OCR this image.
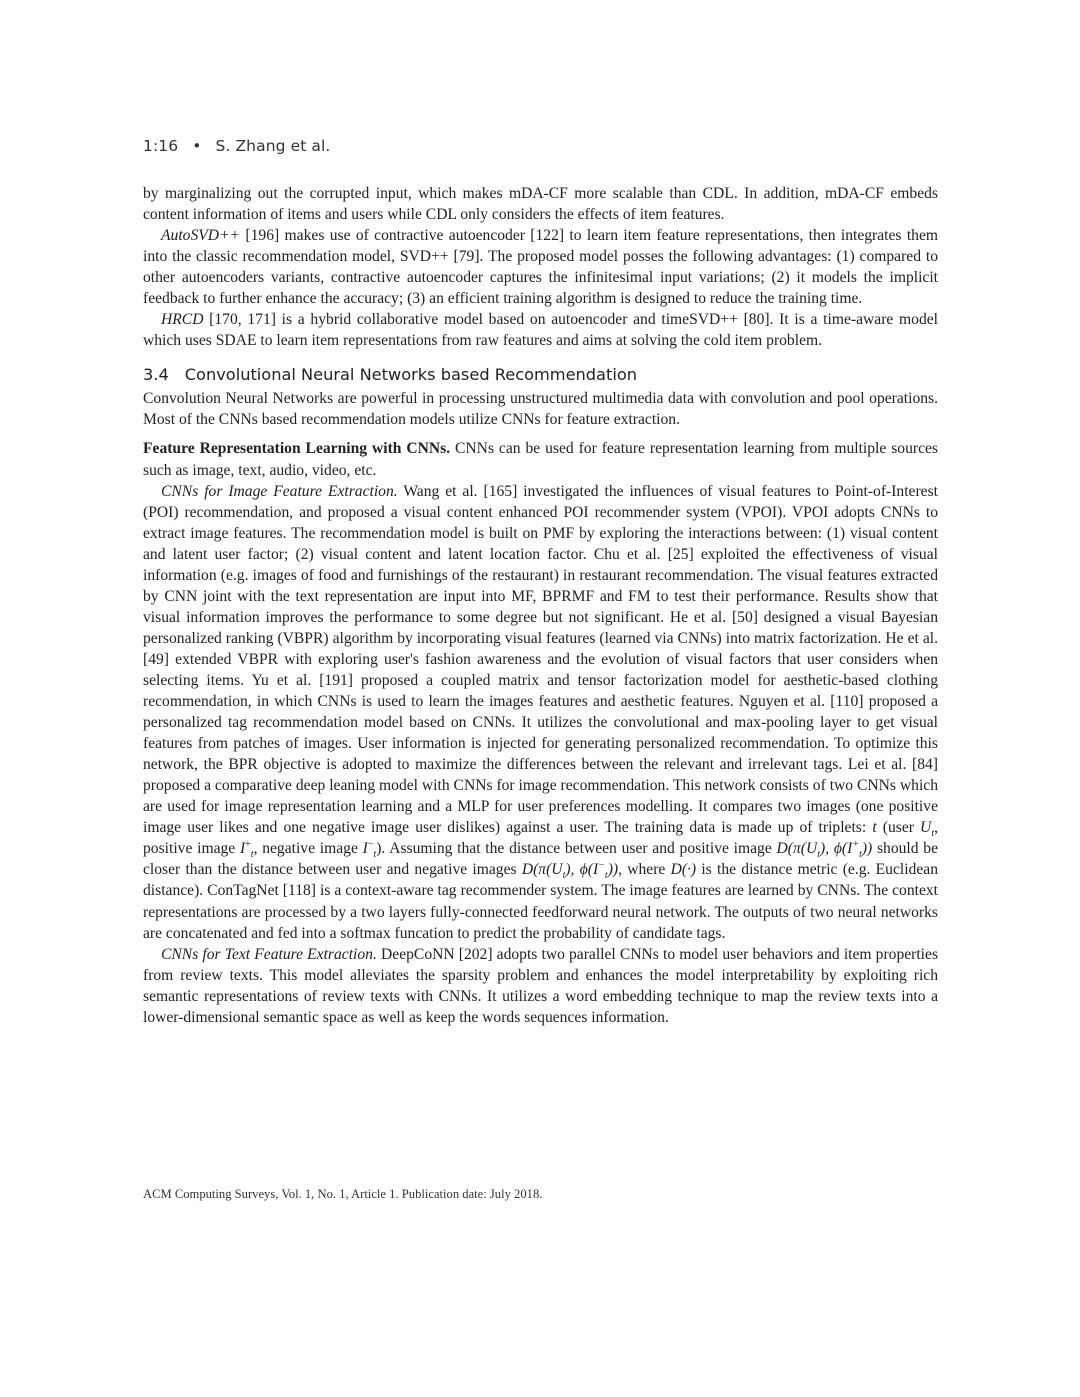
1:16 • S. Zhang et al.

by marginalizing out the corrupted input, which makes mDA-CF more scalable than CDL. In addition, mDA-CF embeds content information of items and users while CDL only considers the effects of item features.

AutoSVD++ [196] makes use of contractive autoencoder [122] to learn item feature representations, then integrates them into the classic recommendation model, SVD++ [79]. The proposed model posses the following advantages: (1) compared to other autoencoders variants, contractive autoencoder captures the infinitesimal input variations; (2) it models the implicit feedback to further enhance the accuracy; (3) an efficient training algorithm is designed to reduce the training time.

HRCD [170, 171] is a hybrid collaborative model based on autoencoder and timeSVD++ [80]. It is a time-aware model which uses SDAE to learn item representations from raw features and aims at solving the cold item problem.

3.4 Convolutional Neural Networks based Recommendation

Convolution Neural Networks are powerful in processing unstructured multimedia data with convolution and pool operations. Most of the CNNs based recommendation models utilize CNNs for feature extraction.

Feature Representation Learning with CNNs. CNNs can be used for feature representation learning from multiple sources such as image, text, audio, video, etc.

CNNs for Image Feature Extraction. Wang et al. [165] investigated the influences of visual features to Point-of-Interest (POI) recommendation, and proposed a visual content enhanced POI recommender system (VPOI). VPOI adopts CNNs to extract image features. The recommendation model is built on PMF by exploring the interactions between: (1) visual content and latent user factor; (2) visual content and latent location factor. Chu et al. [25] exploited the effectiveness of visual information (e.g. images of food and furnishings of the restaurant) in restaurant recommendation. The visual features extracted by CNN joint with the text representation are input into MF, BPRMF and FM to test their performance. Results show that visual information improves the performance to some degree but not significant. He et al. [50] designed a visual Bayesian personalized ranking (VBPR) algorithm by incorporating visual features (learned via CNNs) into matrix factorization. He et al. [49] extended VBPR with exploring user's fashion awareness and the evolution of visual factors that user considers when selecting items. Yu et al. [191] proposed a coupled matrix and tensor factorization model for aesthetic-based clothing recommendation, in which CNNs is used to learn the images features and aesthetic features. Nguyen et al. [110] proposed a personalized tag recommendation model based on CNNs. It utilizes the convolutional and max-pooling layer to get visual features from patches of images. User information is injected for generating personalized recommendation. To optimize this network, the BPR objective is adopted to maximize the differences between the relevant and irrelevant tags. Lei et al. [84] proposed a comparative deep leaning model with CNNs for image recommendation. This network consists of two CNNs which are used for image representation learning and a MLP for user preferences modelling. It compares two images (one positive image user likes and one negative image user dislikes) against a user. The training data is made up of triplets: t (user $U_t$, positive image $I^+_t$, negative image $I^-_t$). Assuming that the distance between user and positive image $D(\pi(U_t)$, $\phi(I^+_t)$) should be closer than the distance between user and negative images $D(\pi(U_t)$, $\phi(I^-_t)$), where D(·) is the distance metric (e.g. Euclidean distance). ConTagNet [118] is a context-aware tag recommender system. The image features are learned by CNNs. The context representations are processed by a two layers fully-connected feedforward neural network. The outputs of two neural networks are concatenated and fed into a softmax funcation to predict the probability of candidate tags.

CNNs for Text Feature Extraction. DeepCoNN [202] adopts two parallel CNNs to model user behaviors and item properties from review texts. This model alleviates the sparsity problem and enhances the model interpretability by exploiting rich semantic representations of review texts with CNNs. It utilizes a word embedding technique to map the review texts into a lower-dimensional semantic space as well as keep the words sequences information.

ACM Computing Surveys, Vol. 1, No. 1, Article 1. Publication date: July 2018.
